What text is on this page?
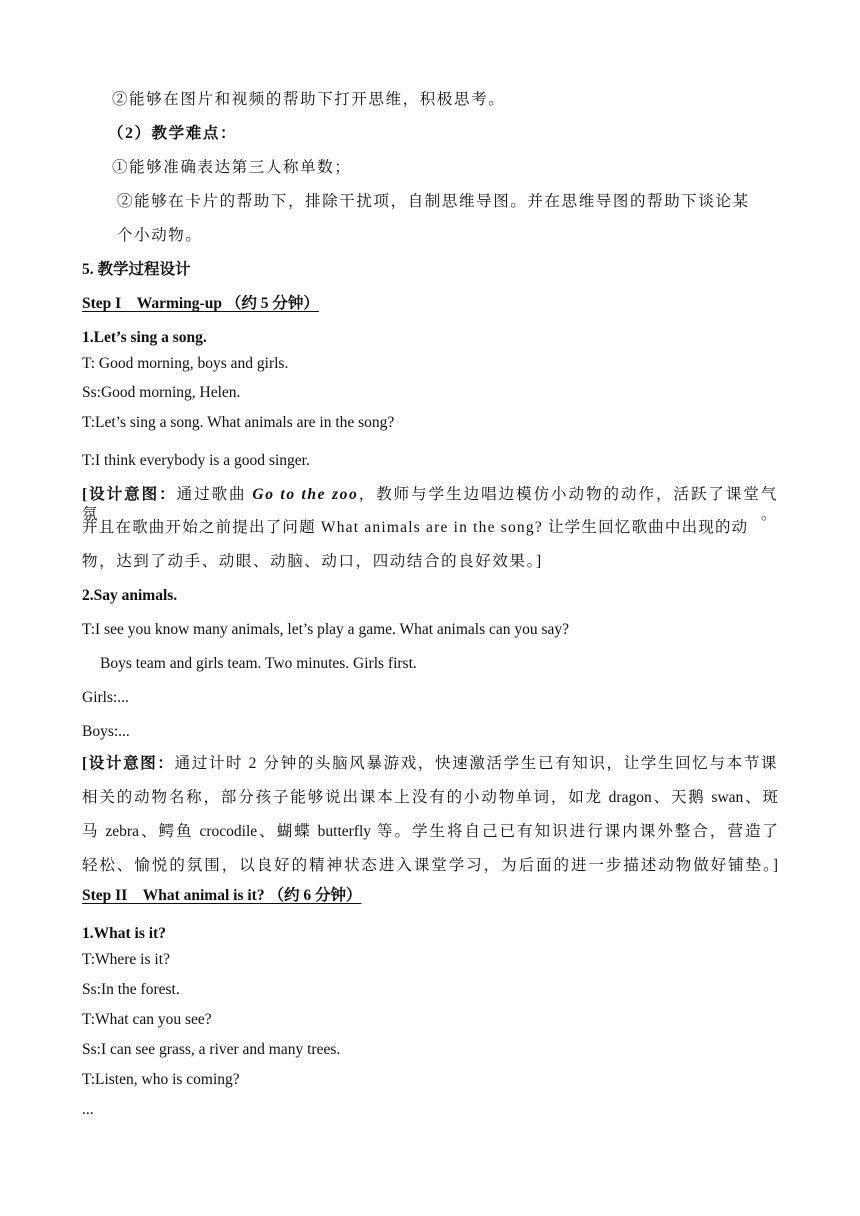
②能够在图片和视频的帮助下打开思维，积极思考。
（2）教学难点：
①能够准确表达第三人称单数；
②能够在卡片的帮助下，排除干扰项，自制思维导图。并在思维导图的帮助下谈论某
个小动物。
5. 教学过程设计
Step I　Warming-up （约 5 分钟）
1.Let’s sing a song.
T: Good morning, boys and girls.
Ss:Good morning, Helen.
T:Let’s sing a song. What animals are in the song?
T:I think everybody is a good singer.
[设计意图：通过歌曲 Go to the zoo，教师与学生边唱边模仿小动物的动作，活跃了课堂气氛。
并且在歌曲开始之前提出了问题 What animals are in the song? 让学生回忆歌曲中出现的动
物，达到了动手、动眼、动脑、动口，四动结合的良好效果。]
2.Say animals.
T:I see you know many animals, let’s play a game. What animals can you say?
Boys team and girls team. Two minutes. Girls first.
Girls:...
Boys:...
[设计意图：通过计时 2 分钟的头脑风暴游戏，快速激活学生已有知识，让学生回忆与本节课
相关的动物名称，部分孩子能够说出课本上没有的小动物单词，如龙 dragon、天鹅 swan、斑
马 zebra、鳄鱼 crocodile、蝴蝶 butterfly 等。学生将自己已有知识进行课内课外整合，营造了
轻松、愉悦的氛围，以良好的精神状态进入课堂学习，为后面的进一步描述动物做好铺垫。]
Step II　What animal is it? （约 6 分钟）
1.What is it?
T:Where is it?
Ss:In the forest.
T:What can you see?
Ss:I can see grass, a river and many trees.
T:Listen, who is coming?
...
